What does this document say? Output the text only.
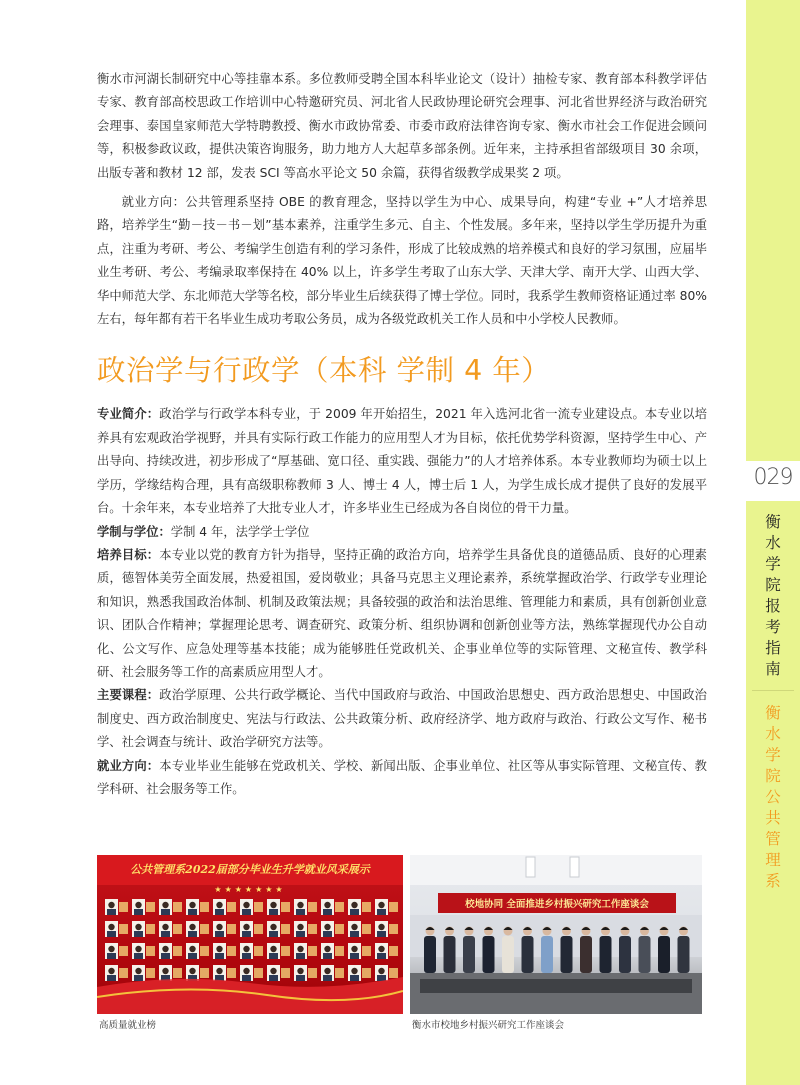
衡水市河湖长制研究中心等挂靠本系。多位教师受聘全国本科毕业论文（设计）抽检专家、教育部本科教学评估专家、教育部高校思政工作培训中心特邀研究员、河北省人民政协理论研究会理事、河北省世界经济与政治研究会理事、泰国皇家师范大学特聘教授、衡水市政协常委、市委市政府法律咨询专家、衡水市社会工作促进会顾问等，积极参政议政，提供决策咨询服务，助力地方人大起草多部条例。近年来，主持承担省部级项目 30 余项，出版专著和教材 12 部，发表 SCI 等高水平论文 50 余篇，获得省级教学成果奖 2 项。

就业方向：公共管理系坚持 OBE 的教育理念，坚持以学生为中心、成果导向，构建“专业 +”人才培养思路，培养学生“勤－技－书－划”基本素养，注重学生多元、自主、个性发展。多年来，坚持以学生学历提升为重点，注重为考研、考公、考编学生创造有利的学习条件，形成了比较成熟的培养模式和良好的学习氛围，应届毕业生考研、考公、考编录取率保持在 40% 以上，许多学生考取了山东大学、天津大学、南开大学、山西大学、华中师范大学、东北师范大学等名校，部分毕业生后续获得了博士学位。同时，我系学生教师资格证通过率 80% 左右，每年都有若干名毕业生成功考取公务员，成为各级党政机关工作人员和中小学校人民教师。

政治学与行政学（本科 学制 4 年）

专业简介：政治学与行政学本科专业，于 2009 年开始招生，2021 年入选河北省一流专业建设点。本专业以培养具有宏观政治学视野，并具有实际行政工作能力的应用型人才为目标，依托优势学科资源，坚持学生中心、产出导向、持续改进，初步形成了“厚基础、宽口径、重实践、强能力”的人才培养体系。本专业教师均为硕士以上学历，学缘结构合理，具有高级职称教师 3 人、博士 4 人，博士后 1 人，为学生成长成才提供了良好的发展平台。十余年来，本专业培养了大批专业人才，许多毕业生已经成为各自岗位的骨干力量。

学制与学位：学制 4 年，法学学士学位

培养目标：本专业以党的教育方针为指导，坚持正确的政治方向，培养学生具备优良的道德品质、良好的心理素质，德智体美劳全面发展，热爱祖国，爱岗敬业；具备马克思主义理论素养，系统掌握政治学、行政学专业理论和知识，熟悉我国政治体制、机制及政策法规；具备较强的政治和法治思维、管理能力和素质，具有创新创业意识、团队合作精神；掌握理论思考、调查研究、政策分析、组织协调和创新创业等方法，熟练掌握现代办公自动化、公文写作、应急处理等基本技能；成为能够胜任党政机关、企事业单位等的实际管理、文秘宣传、教学科研、社会服务等工作的高素质应用型人才。

主要课程：政治学原理、公共行政学概论、当代中国政府与政治、中国政治思想史、西方政治思想史、中国政治制度史、西方政治制度史、宪法与行政法、公共政策分析、政府经济学、地方政府与政治、行政公文写作、秘书学、社会调查与统计、政治学研究方法等。

就业方向：本专业毕业生能够在党政机关、学校、新闻出版、企事业单位、社区等从事实际管理、文秘宣传、教学科研、社会服务等工作。

公共管理系2022届部分毕业生升学就业风采展示
★★★★★★★
校地协同 全面推进乡村振兴研究工作座谈会
高质量就业榜	衡水市校地乡村振兴研究工作座谈会
029
衡
水
学
院
报
考
指
南
衡
水
学
院
公
共
管
理
系
